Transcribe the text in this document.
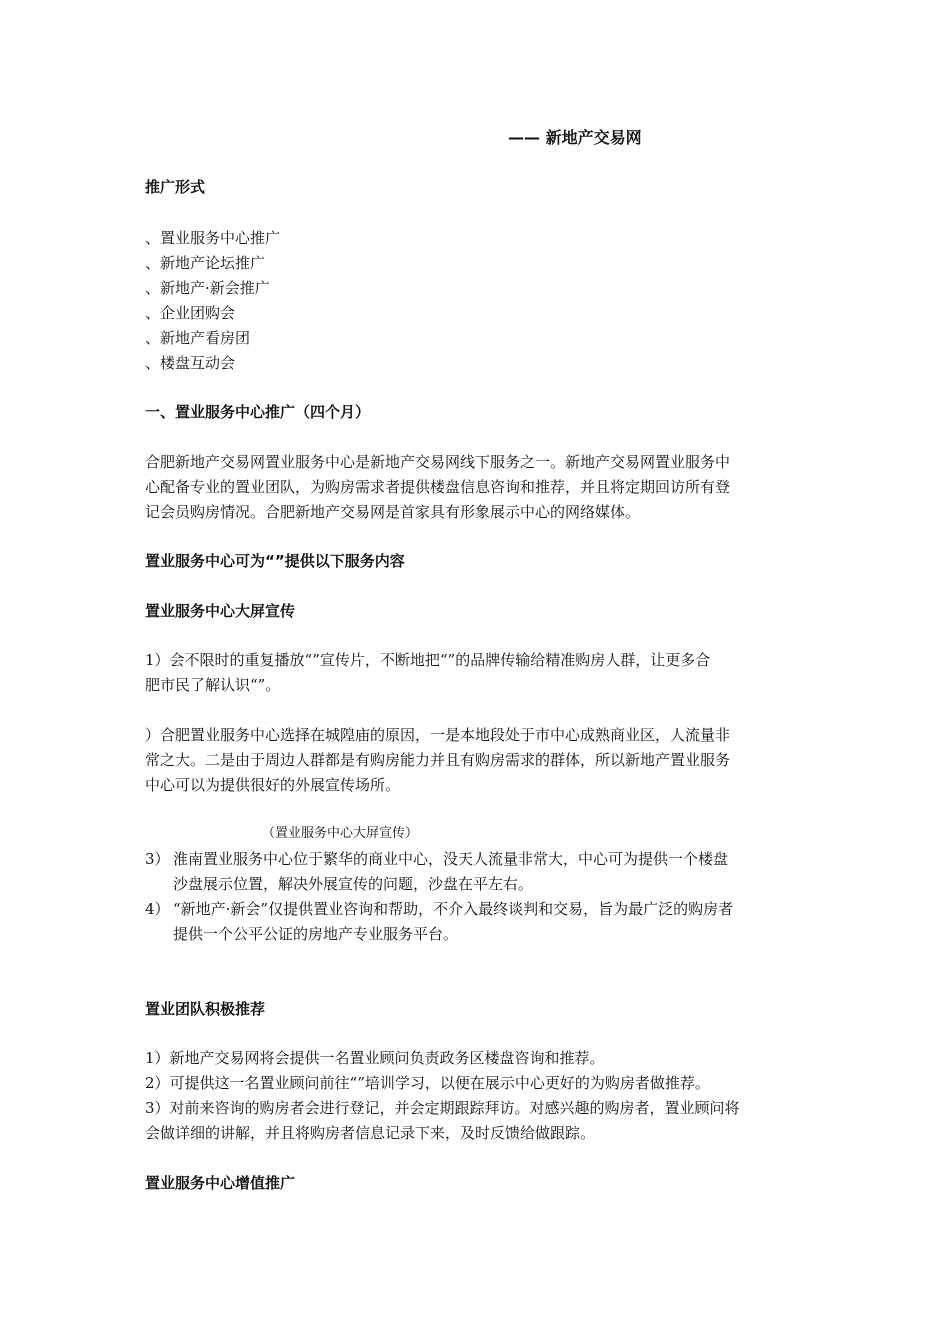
—— 新地产交易网
推广形式
、置业服务中心推广
、新地产论坛推广
、新地产·新会推广
、企业团购会
、新地产看房团
、楼盘互动会
一、置业服务中心推广（四个月）
合肥新地产交易网置业服务中心是新地产交易网线下服务之一。新地产交易网置业服务中
心配备专业的置业团队，为购房需求者提供楼盘信息咨询和推荐，并且将定期回访所有登
记会员购房情况。合肥新地产交易网是首家具有形象展示中心的网络媒体。
置业服务中心可为“”提供以下服务内容
置业服务中心大屏宣传
1）会不限时的重复播放“”宣传片，不断地把“”的品牌传输给精准购房人群，让更多合
肥市民了解认识“”。
）合肥置业服务中心选择在城隍庙的原因，一是本地段处于市中心成熟商业区，人流量非
常之大。二是由于周边人群都是有购房能力并且有购房需求的群体，所以新地产置业服务
中心可以为提供很好的外展宣传场所。
（置业服务中心大屏宣传）
3） 淮南置业服务中心位于繁华的商业中心，没天人流量非常大，中心可为提供一个楼盘
沙盘展示位置，解决外展宣传的问题，沙盘在平左右。
4） “新地产·新会”仅提供置业咨询和帮助，不介入最终谈判和交易，旨为最广泛的购房者
提供一个公平公证的房地产专业服务平台。
置业团队积极推荐
1）新地产交易网将会提供一名置业顾问负责政务区楼盘咨询和推荐。
2）可提供这一名置业顾问前往“”培训学习，以便在展示中心更好的为购房者做推荐。
3）对前来咨询的购房者会进行登记，并会定期跟踪拜访。对感兴趣的购房者，置业顾问将
会做详细的讲解，并且将购房者信息记录下来，及时反馈给做跟踪。
置业服务中心增值推广
